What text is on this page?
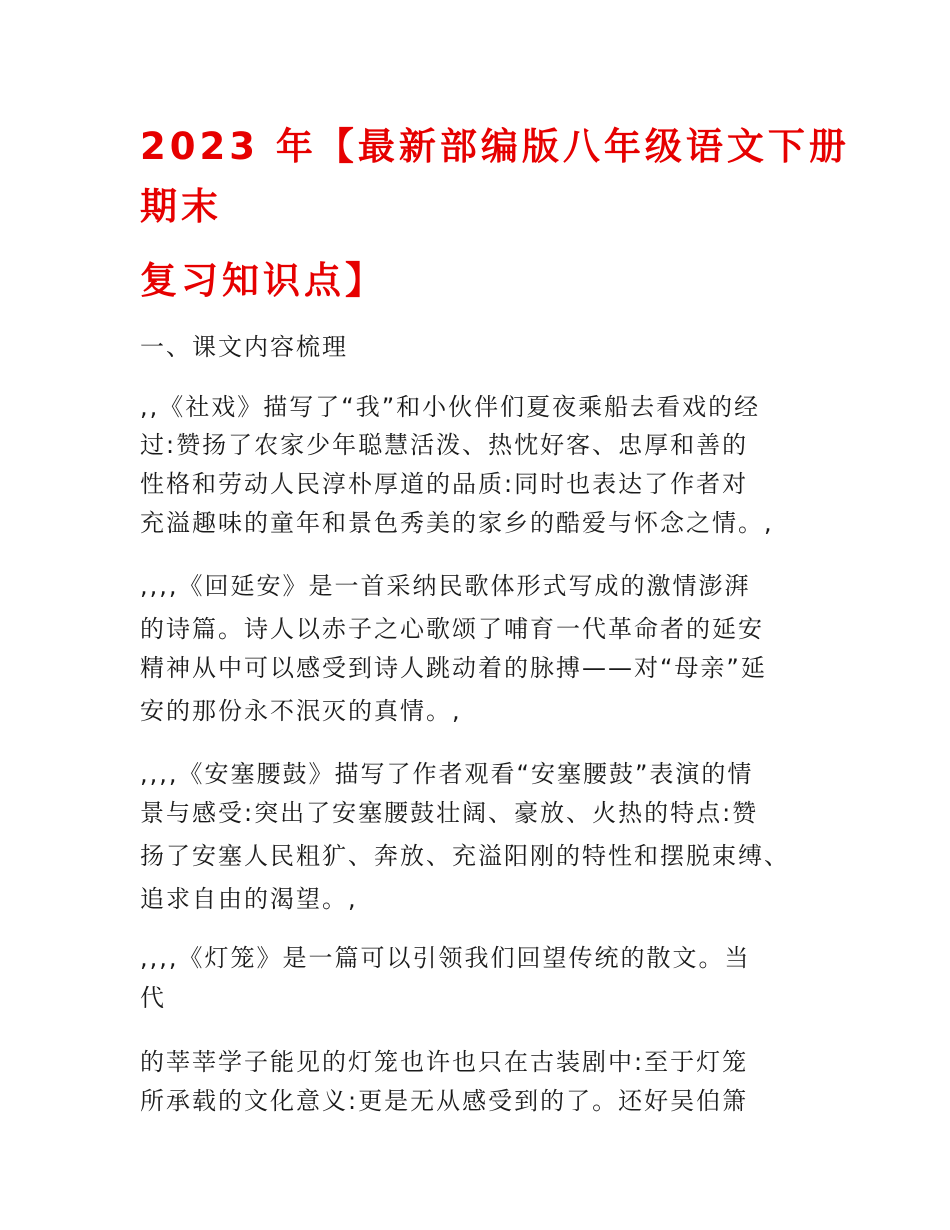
2023 年【最新部编版八年级语文下册
期末
复习知识点】
一、课文内容梳理
,,《社戏》描写了“我”和小伙伴们夏夜乘船去看戏的经
过:赞扬了农家少年聪慧活泼、热忱好客、忠厚和善的
性格和劳动人民淳朴厚道的品质:同时也表达了作者对
充溢趣味的童年和景色秀美的家乡的酷爱与怀念之情。,
,,,,《回延安》是一首采纳民歌体形式写成的激情澎湃
的诗篇。诗人以赤子之心歌颂了哺育一代革命者的延安
精神从中可以感受到诗人跳动着的脉搏——对“母亲”延
安的那份永不泯灭的真情。,
,,,,《安塞腰鼓》描写了作者观看“安塞腰鼓”表演的情
景与感受:突出了安塞腰鼓壮阔、豪放、火热的特点:赞
扬了安塞人民粗犷、奔放、充溢阳刚的特性和摆脱束缚、
追求自由的渴望。,
,,,,《灯笼》是一篇可以引领我们回望传统的散文。当
代
的莘莘学子能见的灯笼也许也只在古装剧中:至于灯笼
所承载的文化意义:更是无从感受到的了。还好吴伯箫
